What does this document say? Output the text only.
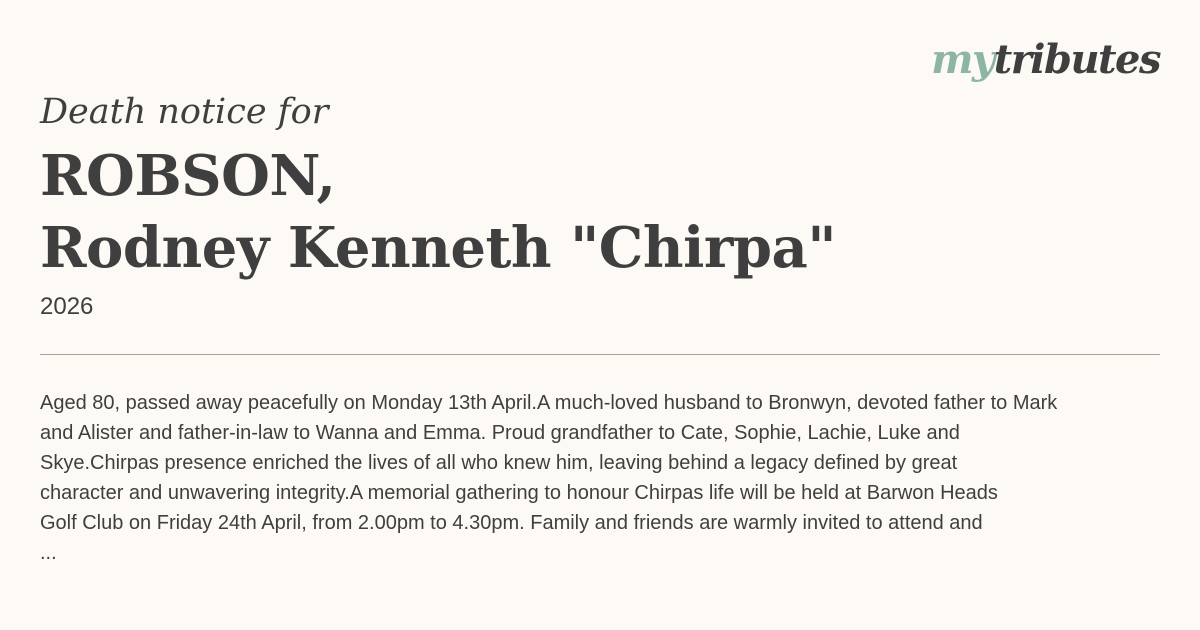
mytributes
Death notice for
ROBSON,
Rodney Kenneth "Chirpa"
2026

Aged 80, passed away peacefully on Monday 13th April.A much-loved husband to Bronwyn, devoted father to Mark

and Alister and father-in-law to Wanna and Emma. Proud grandfather to Cate, Sophie, Lachie, Luke and

Skye.Chirpas presence enriched the lives of all who knew him, leaving behind a legacy defined by great

character and unwavering integrity.A memorial gathering to honour Chirpas life will be held at Barwon Heads

Golf Club on Friday 24th April, from 2.00pm to 4.30pm. Family and friends are warmly invited to attend and

...
